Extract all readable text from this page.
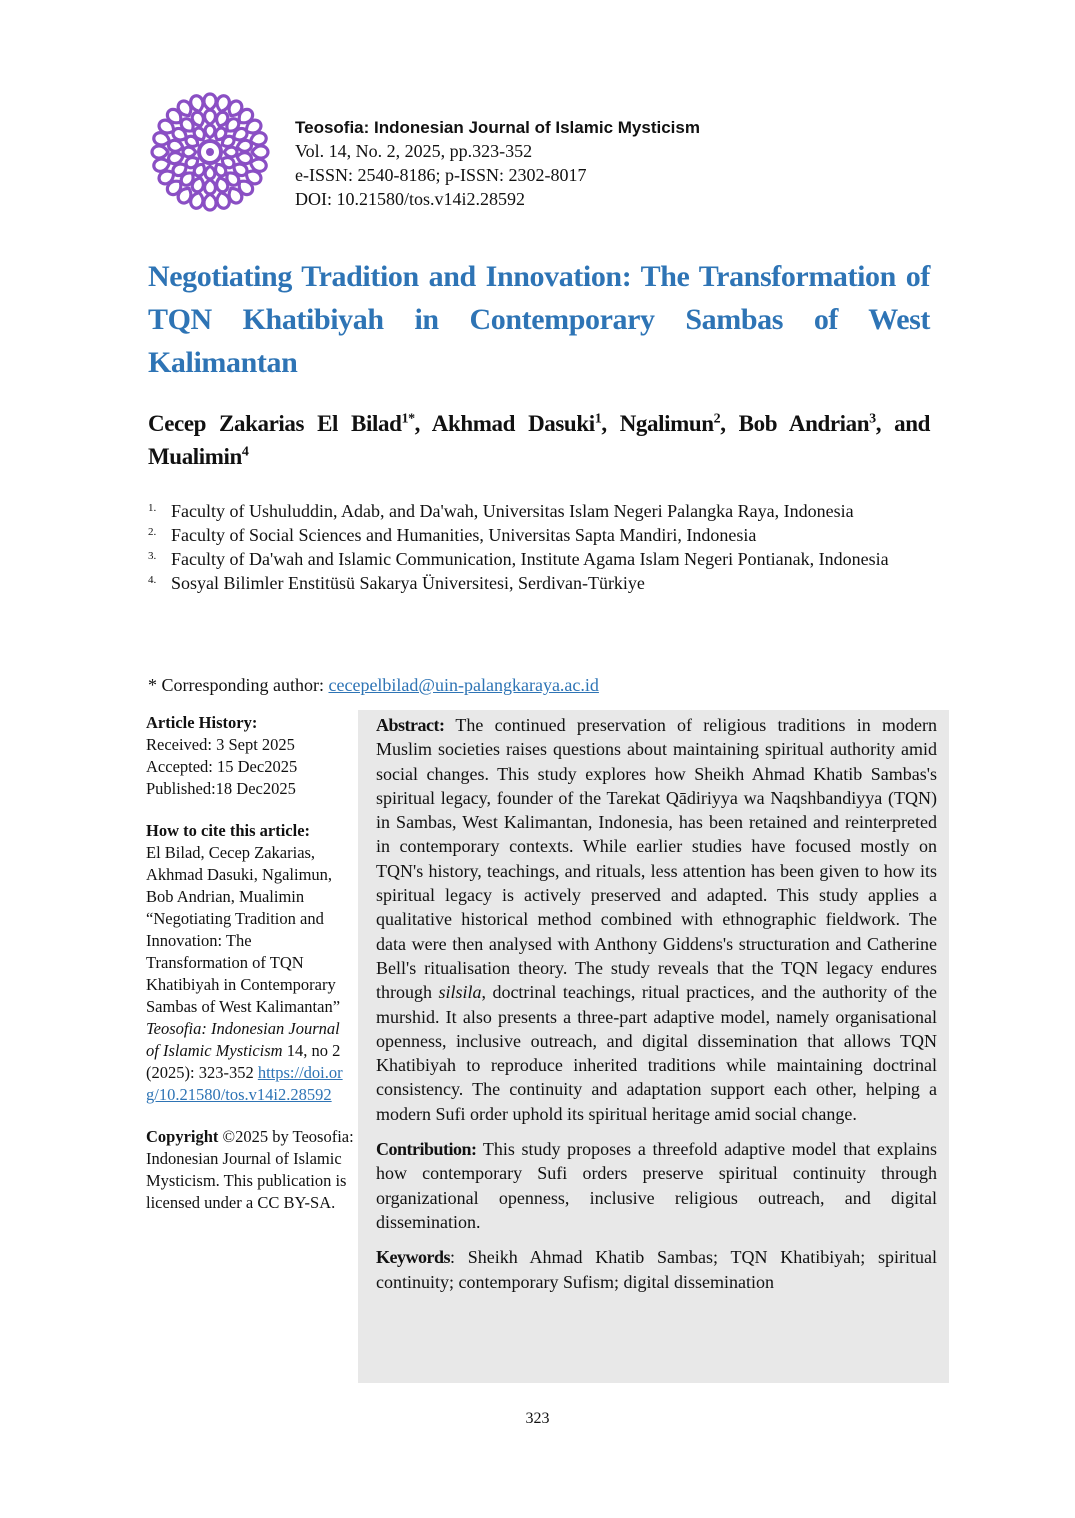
Teosofia: Indonesian Journal of Islamic Mysticism
Vol. 14, No. 2, 2025, pp.323-352
e-ISSN: 2540-8186; p-ISSN: 2302-8017
DOI: 10.21580/tos.v14i2.28592
Negotiating Tradition and Innovation: The Transformation of
TQN Khatibiyah in Contemporary Sambas of West
Kalimantan
Cecep Zakarias El Bilad$^{1*}$, Akhmad Dasuki$^1$, Ngalimun$^2$, Bob Andrian$^3$, and
Mualimin$^4$
1. Faculty of Ushuluddin, Adab, and Da'wah, Universitas Islam Negeri Palangka Raya, Indonesia
2. Faculty of Social Sciences and Humanities, Universitas Sapta Mandiri, Indonesia
3. Faculty of Da'wah and Islamic Communication, Institute Agama Islam Negeri Pontianak, Indonesia
4. Sosyal Bilimler Enstitüsü Sakarya Üniversitesi, Serdivan-Türkiye
* Corresponding author: cecepelbilad@uin-palangkaraya.ac.id
Article History:
Received: 3 Sept 2025
Accepted: 15 Dec2025
Published:18 Dec2025
How to cite this article:
El Bilad, Cecep Zakarias, Akhmad Dasuki, Ngalimun, Bob Andrian, Mualimin “Negotiating Tradition and Innovation: The Transformation of TQN Khatibiyah in Contemporary Sambas of West Kalimantan” Teosofia: Indonesian Journal of Islamic Mysticism 14, no 2 (2025): 323-352 https://doi.org/10.21580/tos.v14i2.28592
Copyright ©2025 by Teosofia: Indonesian Journal of Islamic Mysticism. This publication is licensed under a CC BY-SA.

Abstract: The continued preservation of religious traditions in modern Muslim societies raises questions about maintaining spiritual authority amid social changes. This study explores how Sheikh Ahmad Khatib Sambas's spiritual legacy, founder of the Tarekat Qādiriyya wa Naqshbandiyya (TQN) in Sambas, West Kalimantan, Indonesia, has been retained and reinterpreted in contemporary contexts. While earlier studies have focused mostly on TQN's history, teachings, and rituals, less attention has been given to how its spiritual legacy is actively preserved and adapted. This study applies a qualitative historical method combined with ethnographic fieldwork. The data were then analysed with Anthony Giddens's structuration and Catherine Bell's ritualisation theory. The study reveals that the TQN legacy endures through silsila, doctrinal teachings, ritual practices, and the authority of the murshid. It also presents a three-part adaptive model, namely organisational openness, inclusive outreach, and digital dissemination that allows TQN Khatibiyah to reproduce inherited traditions while maintaining doctrinal consistency. The continuity and adaptation support each other, helping a modern Sufi order uphold its spiritual heritage amid social change.

Contribution: This study proposes a threefold adaptive model that explains how contemporary Sufi orders preserve spiritual continuity through organizational openness, inclusive religious outreach, and digital dissemination.

Keywords: Sheikh Ahmad Khatib Sambas; TQN Khatibiyah; spiritual continuity; contemporary Sufism; digital dissemination

323
